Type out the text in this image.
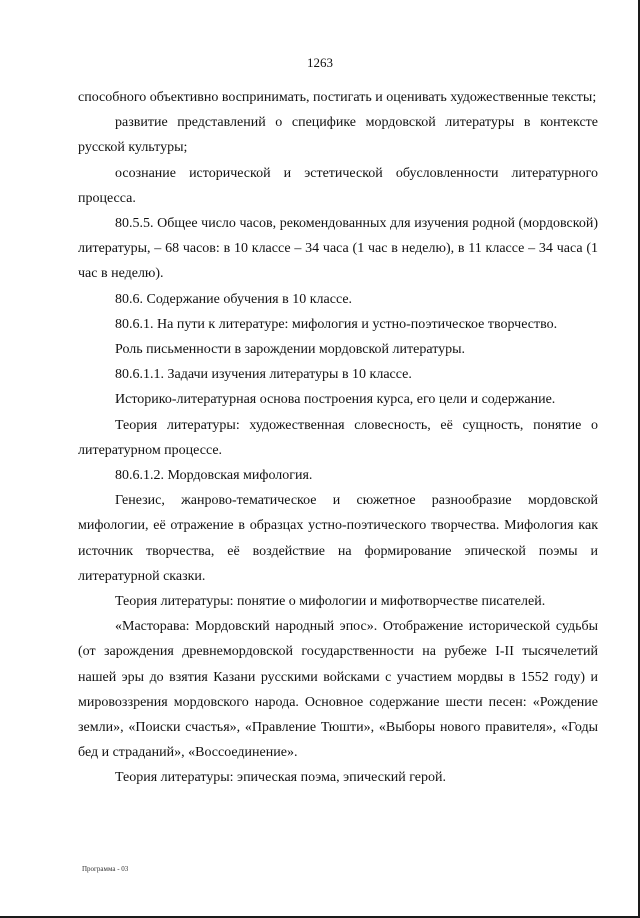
1263

способного объективно воспринимать, постигать и оценивать художественные тексты;

развитие представлений о специфике мордовской литературы в контексте русской культуры;

осознание исторической и эстетической обусловленности литературного процесса.

80.5.5. Общее число часов, рекомендованных для изучения родной (мордовской) литературы, – 68 часов: в 10 классе – 34 часа (1 час в неделю), в 11 классе – 34 часа (1 час в неделю).

80.6. Содержание обучения в 10 классе.

80.6.1. На пути к литературе: мифология и устно-поэтическое творчество.

Роль письменности в зарождении мордовской литературы.

80.6.1.1. Задачи изучения литературы в 10 классе.

Историко-литературная основа построения курса, его цели и содержание.

Теория литературы: художественная словесность, её сущность, понятие о литературном процессе.

80.6.1.2. Мордовская мифология.

Генезис, жанрово-тематическое и сюжетное разнообразие мордовской мифологии, её отражение в образцах устно-поэтического творчества. Мифология как источник творчества, её воздействие на формирование эпической поэмы и литературной сказки.

Теория литературы: понятие о мифологии и мифотворчестве писателей.

«Масторава: Мордовский народный эпос». Отображение исторической судьбы (от зарождения древнемордовской государственности на рубеже I-II тысячелетий нашей эры до взятия Казани русскими войсками с участием мордвы в 1552 году) и мировоззрения мордовского народа. Основное содержание шести песен: «Рождение земли», «Поиски счастья», «Правление Тюшти», «Выборы нового правителя», «Годы бед и страданий», «Воссоединение».

Теория литературы: эпическая поэма, эпический герой.

Программа - 03
